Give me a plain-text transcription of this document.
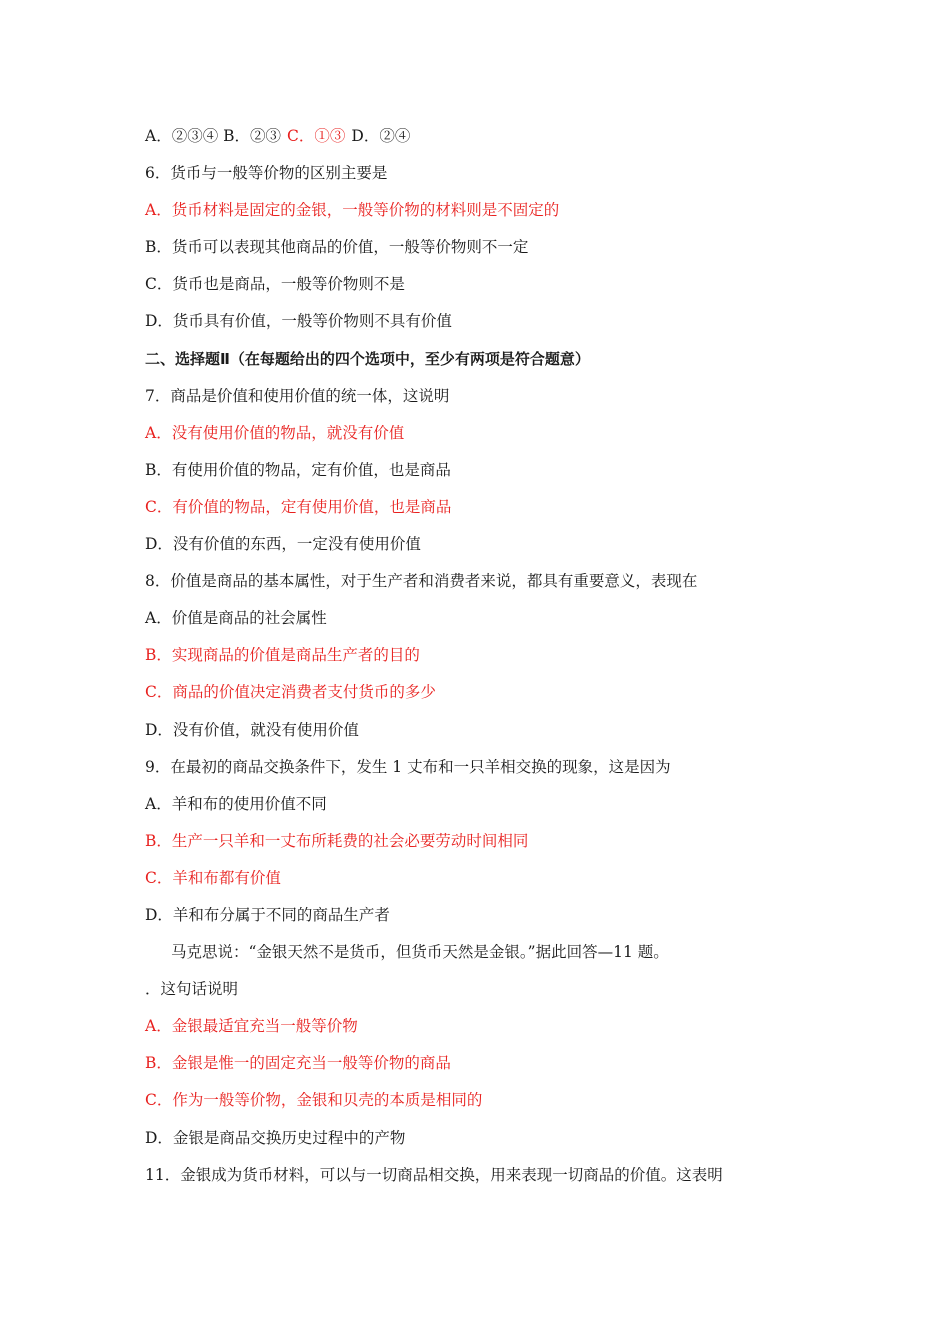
A．②③④ B．②③ C．①③ D．②④
6．货币与一般等价物的区别主要是
A．货币材料是固定的金银，一般等价物的材料则是不固定的
B．货币可以表现其他商品的价值，一般等价物则不一定
C．货币也是商品，一般等价物则不是
D．货币具有价值，一般等价物则不具有价值
二、选择题Ⅱ（在每题给出的四个选项中，至少有两项是符合题意）
7．商品是价值和使用价值的统一体，这说明
A．没有使用价值的物品，就没有价值
B．有使用价值的物品，定有价值，也是商品
C．有价值的物品，定有使用价值，也是商品
D．没有价值的东西，一定没有使用价值
8．价值是商品的基本属性，对于生产者和消费者来说，都具有重要意义，表现在
A．价值是商品的社会属性
B．实现商品的价值是商品生产者的目的
C．商品的价值决定消费者支付货币的多少
D．没有价值，就没有使用价值
9．在最初的商品交换条件下，发生 1 丈布和一只羊相交换的现象，这是因为
A．羊和布的使用价值不同
B．生产一只羊和一丈布所耗费的社会必要劳动时间相同
C．羊和布都有价值
D．羊和布分属于不同的商品生产者
马克思说：“金银天然不是货币，但货币天然是金银。”据此回答—11 题。
．这句话说明
A．金银最适宜充当一般等价物
B．金银是惟一的固定充当一般等价物的商品
C．作为一般等价物，金银和贝壳的本质是相同的
D．金银是商品交换历史过程中的产物
11．金银成为货币材料，可以与一切商品相交换，用来表现一切商品的价值。这表明
